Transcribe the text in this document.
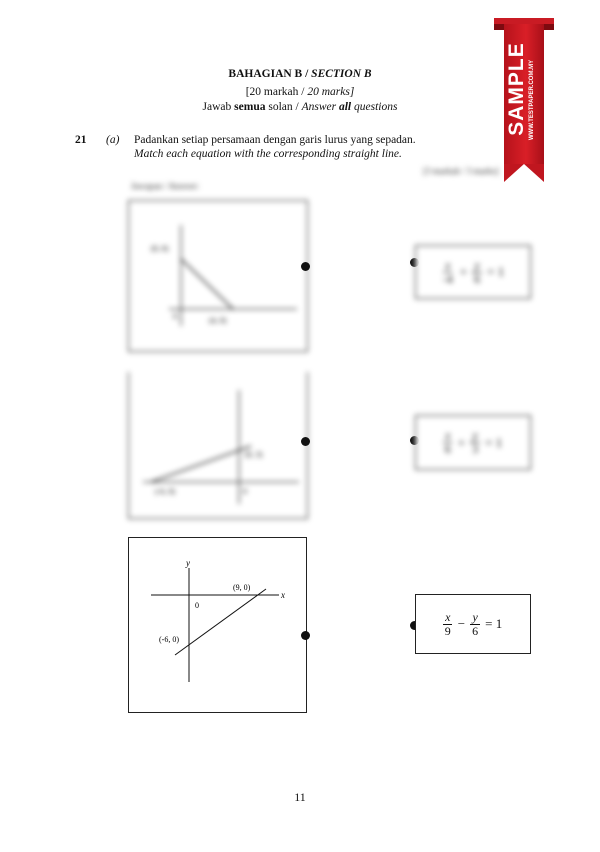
BAHAGIAN B / SECTION B
[20 markah / 20 marks]
Jawab semua solan / Answer all questions
21 (a) Padankan setiap persamaan dengan garis lurus yang sepadan.
Match each equation with the corresponding straight line.
Jawapan / Answer:
[3 markah / 3 marks]
(0, 6)
(4, 0)
0
(0, 3)
(-6, 0)	0
y
x
0
(9, 0)
(-6, 0)
$\frac{x}{-4} + \frac{y}{6} = 1$
$\frac{x}{6} + \frac{y}{3} = 1$
$\frac{x}{9} - \frac{y}{6} = 1$
11
SAMPLE WWW.TESTPAPER.COM.MY
